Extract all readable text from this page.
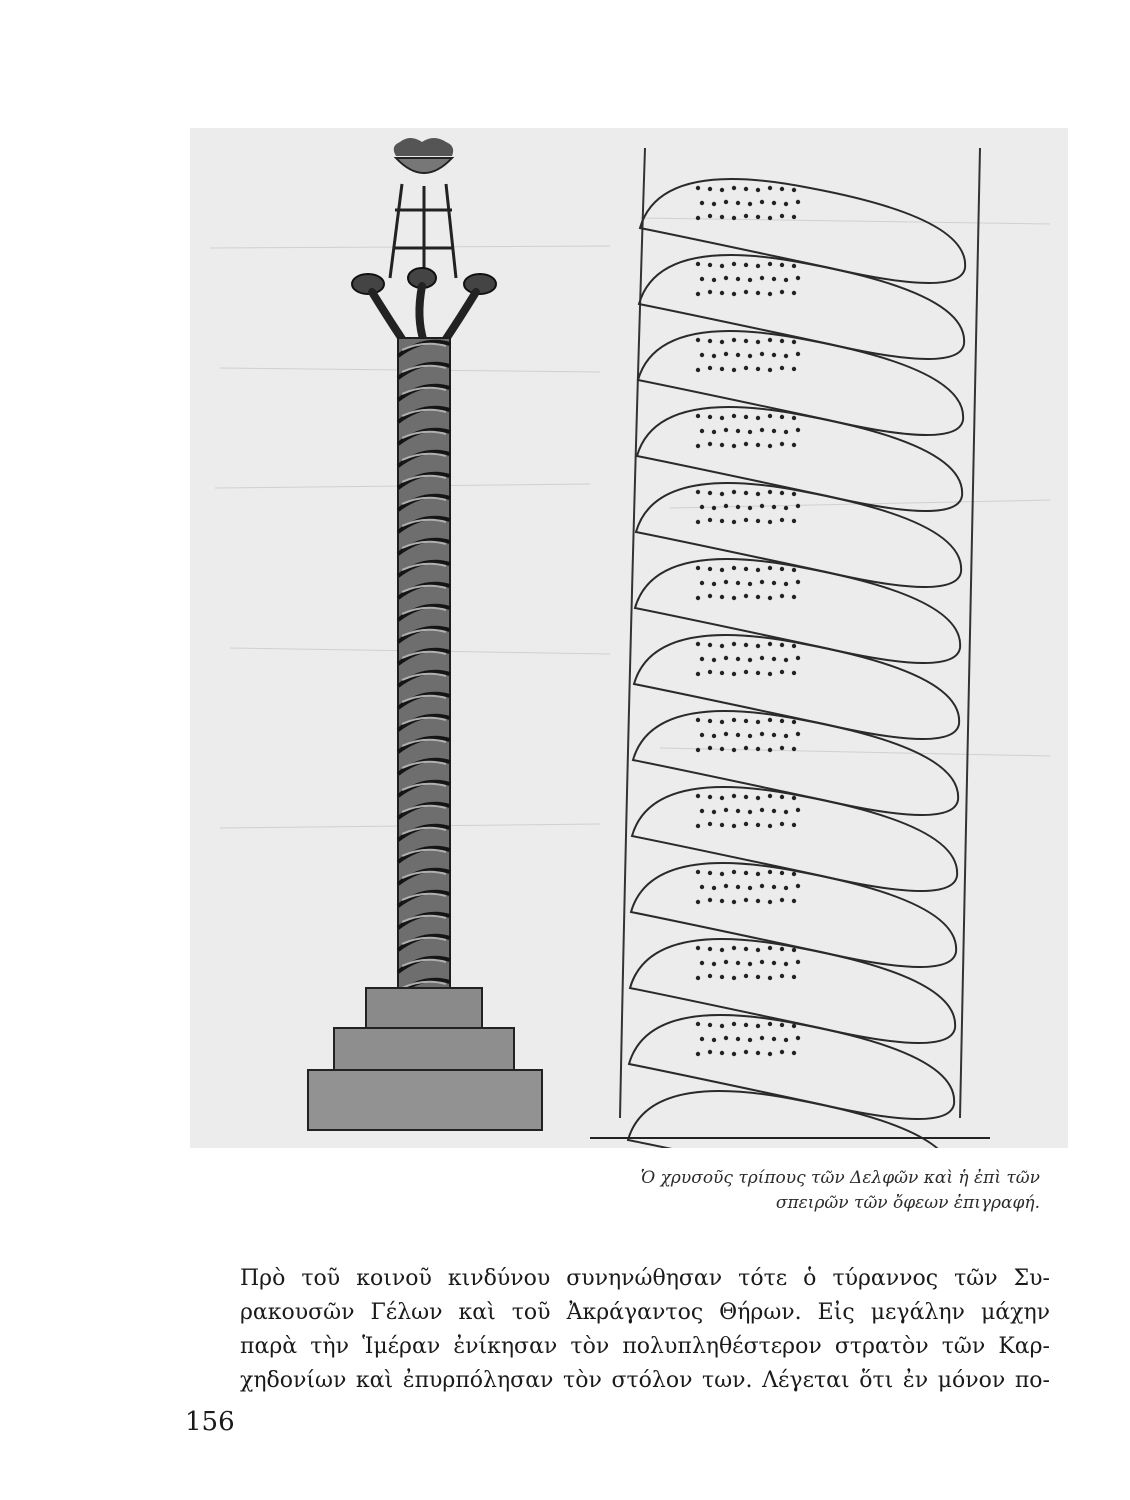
Ὁ χρυσοῦς τρίπους τῶν Δελφῶν καὶ ἡ ἐπὶ τῶν
σπειρῶν τῶν ὄφεων ἐπιγραφή.
Πρὸ τοῦ κοινοῦ κινδύνου συνηνώθησαν τότε ὁ τύραννος τῶν Συ-
ρακουσῶν Γέλων καὶ τοῦ Ἀκράγαντος Θήρων. Εἰς μεγάλην μάχην
παρὰ τὴν Ἱμέραν ἐνίκησαν τὸν πολυπληθέστερον στρατὸν τῶν Καρ-
χηδονίων καὶ ἐπυρπόλησαν τὸν στόλον των. Λέγεται ὅτι ἐν μόνον πο-
156
